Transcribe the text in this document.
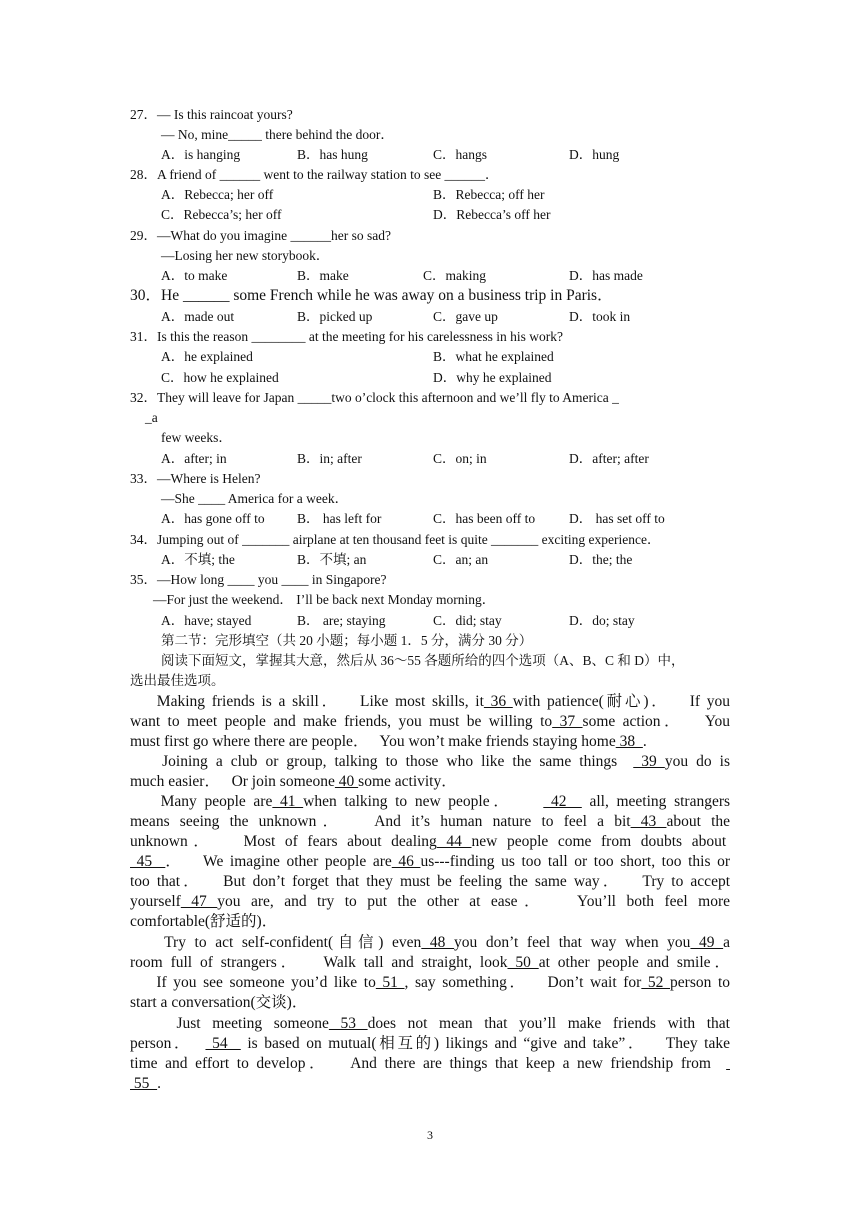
27．— Is this raincoat yours?
— No, mine_____ there behind the door．
A．is hanging	B．has hung	C．hangs	D．hung
28．A friend of ______ went to the railway station to see ______．
A．Rebecca; her off	B．Rebecca; off her
C．Rebecca’s; her off	D．Rebecca’s off her
29．—What do you imagine ______her so sad?
—Losing her new storybook．
A．to make	B．make	C．making	D．has made
30．He ______ some French while he was away on a business trip in Paris．
A．made out	B．picked up	C．gave up	D．took in
31．Is this the reason ________ at the meeting for his carelessness in his work?
A．he explained	B．what he explained
C．how he explained	D．why he explained
32．They will leave for Japan _____two o’clock this afternoon and we’ll fly to America _
_a
few weeks．
A．after; in	B．in; after	C．on; in	D．after; after
33．—Where is Helen?
—She ____ America for a week．
A．has gone off to B． has left for	C．has been off to	D． has set off to
34．Jumping out of _______ airplane at ten thousand feet is quite _______ exciting experience．
A．不填; the	B．不填; an	C．an; an	D．the; the
35．—How long ____ you ____ in Singapore?
—For just the weekend． I’ll be back next Monday morning．
A．have; stayed	B． are; staying	C．did; stay	D．do; stay
第二节：完形填空（共 20 小题；每小题 1．5 分，满分 30 分）
阅读下面短文，掌握其大意，然后从 36～55 各题所给的四个选项（A、B、C 和 D）中，
选出最佳选项。
Making friends is a skill．   Like most skills, it 36 with patience(耐心)．   If you
want to meet people and make friends, you must be willing to 37 some action．   You
must first go where there are people．   You won’t make friends staying home 38  .
Joining a club or group, talking to those who like the same things   39 you do is
much easier．   Or join someone 40 some activity．
Many people are 41 when talking to new people．     42   all, meeting strangers
means seeing the unknown．   And it’s human nature to feel a bit 43 about the
unknown．   Most of fears about dealing 44 new people come from doubts about
45  ．   We imagine other people are 46 us---finding us too tall or too short, too this or
too that．   But don’t forget that they must be feeling the same way．   Try to accept
yourself 47 you are, and try to put the other at ease．   You’ll both feel more
comfortable(舒适的)．
Try to act self-confident(自信) even 48 you don’t feel that way when you 49 a
room full of strangers．   Walk tall and straight, look 50 at other people and smile．
If you see someone you’d like to 51 , say something．   Don’t wait for 52 person to
start a conversation(交谈)．
Just meeting someone 53 does not mean that you’ll make friends with that
person．   54   is based on mutual(相互的) likings and “give and take”．   They take
time and effort to develop．   And there are things that keep a new friendship from
55  .
3
